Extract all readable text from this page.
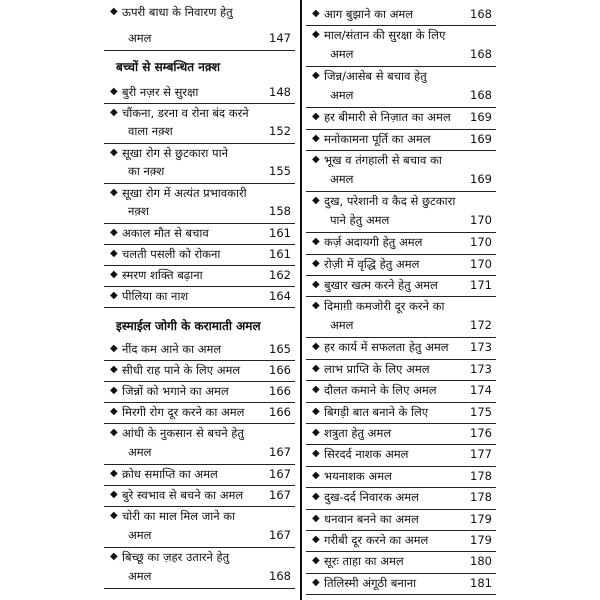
◆ ऊपरी बाधा के निवारण हेतु
अमल	147
बच्चों से सम्बन्धित नक़्श
◆ बुरी नज़र से सुरक्षा	148
◆ चौंकना, डरना व रोना बंद करने
वाला नक़्श	152
◆ सूखा रोग से छुटकारा पाने
का नक़्श	155
◆ सूखा रोग में अत्यंत प्रभावकारी
नक़्श	158
◆ अकाल मौत से बचाव	161
◆ चलती पसली को रोकना	161
◆ स्मरण शक्ति बढ़ाना	162
◆ पीलिया का नाश	164
इस्माईल जोगी के करामाती अमल
◆ नींद कम आने का अमल	165
◆ सीधी राह पाने के लिए अमल	166
◆ जिन्नों को भगाने का अमल	166
◆ मिरगी रोग दूर करने का अमल	166
◆ आंधी के नुकसान से बचने हेतु
अमल	167
◆ क्रोध समाप्ति का अमल	167
◆ बुरे स्वभाव से बचने का अमल	167
◆ चोरी का माल मिल जाने का
अमल	167
◆ बिच्छू का ज़हर उतारने हेतु
अमल	168
◆ आग बुझाने का अमल	168
◆ माल/संतान की सुरक्षा के लिए
अमल	168
◆ जिन्न/आसेब से बचाव हेतु
अमल	168
◆ हर बीमारी से निज़ात का अमल	169
◆ मनोकामना पूर्ति का अमल	169
◆ भूख व तंगहाली से बचाव का
अमल	169
◆ दुख, परेशानी व कैद से छुटकारा
पाने हेतु अमल	170
◆ कर्ज़ अदायगी हेतु अमल	170
◆ रोज़ी में वृद्धि हेतु अमल	170
◆ बुखार खत्म करने हेतु अमल	171
◆ दिमाग़ी कमजोरी दूर करने का
अमल	172
◆ हर कार्य में सफलता हेतु अमल	173
◆ लाभ प्राप्ति के लिए अमल	173
◆ दौलत कमाने के लिए अमल	174
◆ बिगड़ी बात बनाने के लिए	175
◆ शत्रुता हेतु अमल	176
◆ सिरदर्द नाशक अमल	177
◆ भयनाशक अमल	178
◆ दुख-दर्द निवारक अमल	178
◆ धनवान बनने का अमल	179
◆ गरीबी दूर करने का अमल	179
◆ सूरः ताहा का अमल	180
◆ तिलिस्मी अंगूठी बनाना	181
